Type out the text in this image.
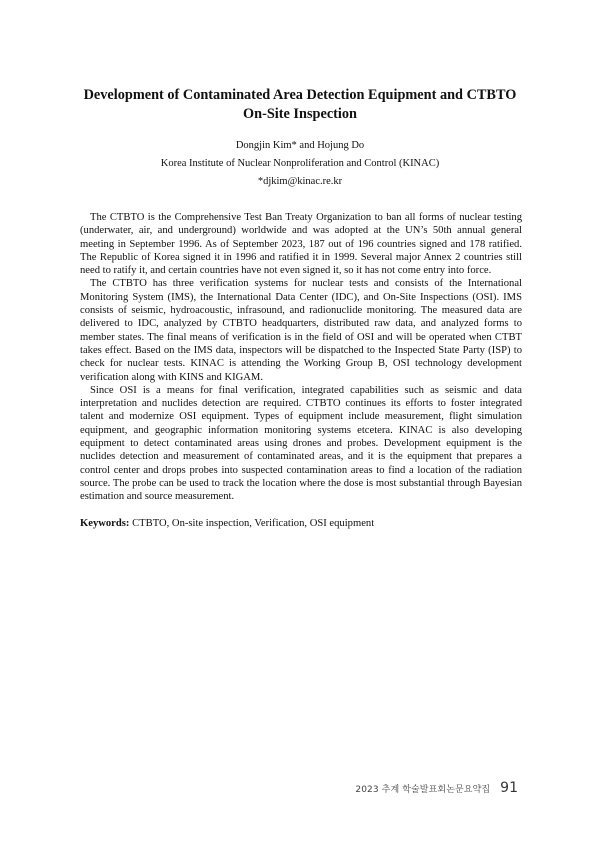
Development of Contaminated Area Detection Equipment and CTBTO
On-Site Inspection
Dongjin Kim* and Hojung Do
Korea Institute of Nuclear Nonproliferation and Control (KINAC)
*djkim@kinac.re.kr

The CTBTO is the Comprehensive Test Ban Treaty Organization to ban all forms of nuclear testing (underwater, air, and underground) worldwide and was adopted at the UN’s 50th annual general meeting in September 1996. As of September 2023, 187 out of 196 countries signed and 178 ratified. The Republic of Korea signed it in 1996 and ratified it in 1999. Several major Annex 2 countries still need to ratify it, and certain countries have not even signed it, so it has not come entry into force.

The CTBTO has three verification systems for nuclear tests and consists of the International Monitoring System (IMS), the International Data Center (IDC), and On-Site Inspections (OSI). IMS consists of seismic, hydroacoustic, infrasound, and radionuclide monitoring. The measured data are delivered to IDC, analyzed by CTBTO headquarters, distributed raw data, and analyzed forms to member states. The final means of verification is in the field of OSI and will be operated when CTBT takes effect. Based on the IMS data, inspectors will be dispatched to the Inspected State Party (ISP) to check for nuclear tests. KINAC is attending the Working Group B, OSI technology development verification along with KINS and KIGAM.

Since OSI is a means for final verification, integrated capabilities such as seismic and data interpretation and nuclides detection are required. CTBTO continues its efforts to foster integrated talent and modernize OSI equipment. Types of equipment include measurement, flight simulation equipment, and geographic information monitoring systems etcetera. KINAC is also developing equipment to detect contaminated areas using drones and probes. Development equipment is the nuclides detection and measurement of contaminated areas, and it is the equipment that prepares a control center and drops probes into suspected contamination areas to find a location of the radiation source. The probe can be used to track the location where the dose is most substantial through Bayesian estimation and source measurement.

Keywords: CTBTO, On-site inspection, Verification, OSI equipment
2023 추계 학술발표회논문요약집 91
